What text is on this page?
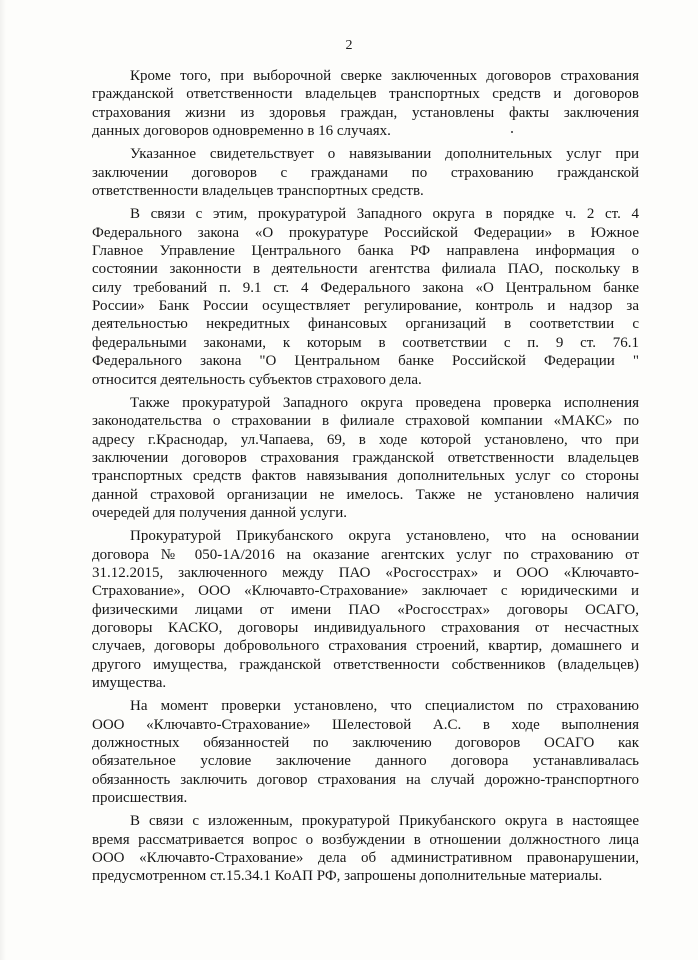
2
Кроме того, при выборочной сверке заключенных договоров страхования
гражданской ответственности владельцев транспортных средств и договоров
страхования жизни из здоровья граждан, установлены факты заключения
данных договоров одновременно в 16 случаях.
Указанное свидетельствует о навязывании дополнительных услуг при
заключении договоров с гражданами по страхованию гражданской
ответственности владельцев транспортных средств.
В связи с этим, прокуратурой Западного округа в порядке ч. 2 ст. 4
Федерального закона «О прокуратуре Российской Федерации» в Южное
Главное Управление Центрального банка РФ направлена информация о
состоянии законности в деятельности агентства филиала ПАО, поскольку в
силу требований п. 9.1 ст. 4 Федерального закона «О Центральном банке
России» Банк России осуществляет регулирование, контроль и надзор за
деятельностью некредитных финансовых организаций в соответствии с
федеральными законами, к которым в соответствии с п. 9 ст. 76.1
Федерального закона "О Центральном банке Российской Федерации "
относится деятельность субъектов страхового дела.
Также прокуратурой Западного округа проведена проверка исполнения
законодательства о страховании в филиале страховой компании «МАКС» по
адресу г.Краснодар, ул.Чапаева, 69, в ходе которой установлено, что при
заключении договоров страхования гражданской ответственности владельцев
транспортных средств фактов навязывания дополнительных услуг со стороны
данной страховой организации не имелось. Также не установлено наличия
очередей для получения данной услуги.
Прокуратурой Прикубанского округа установлено, что на основании
договора № 050-1А/2016 на оказание агентских услуг по страхованию от
31.12.2015, заключенного между ПАО «Росгосстрах» и ООО «Ключавто-
Страхование», ООО «Ключавто-Страхование» заключает с юридическими и
физическими лицами от имени ПАО «Росгосстрах» договоры ОСАГО,
договоры КАСКО, договоры индивидуального страхования от несчастных
случаев, договоры добровольного страхования строений, квартир, домашнего и
другого имущества, гражданской ответственности собственников (владельцев)
имущества.
На момент проверки установлено, что специалистом по страхованию
ООО «Ключавто-Страхование» Шелестовой А.С. в ходе выполнения
должностных обязанностей по заключению договоров ОСАГО как
обязательное условие заключение данного договора устанавливалась
обязанность заключить договор страхования на случай дорожно-транспортного
происшествия.
В связи с изложенным, прокуратурой Прикубанского округа в настоящее
время рассматривается вопрос о возбуждении в отношении должностного лица
ООО «Ключавто-Страхование» дела об административном правонарушении,
предусмотренном ст.15.34.1 КоАП РФ, запрошены дополнительные материалы.
